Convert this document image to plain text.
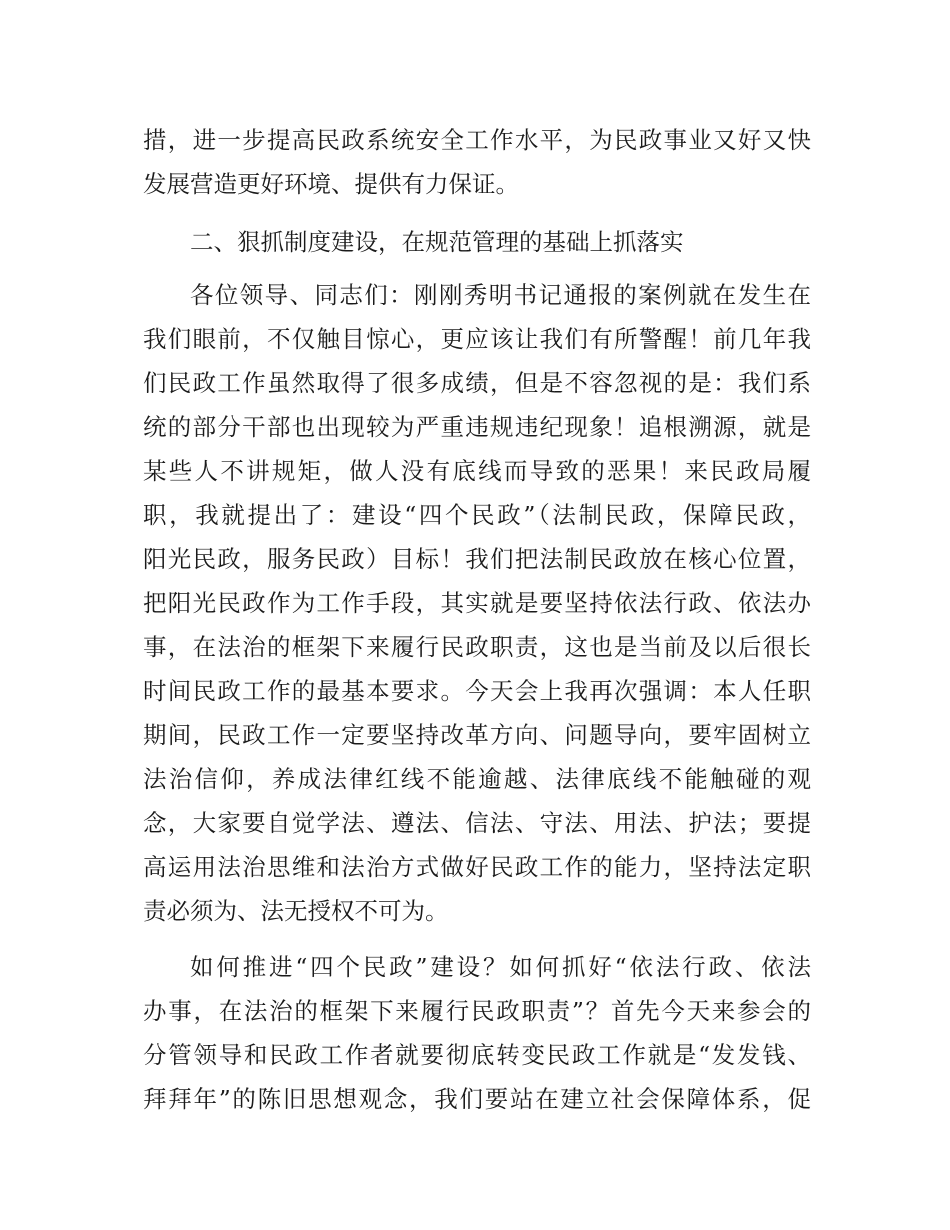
措，进一步提高民政系统安全工作水平，为民政事业又好又快
发展营造更好环境、提供有力保证。
二、狠抓制度建设，在规范管理的基础上抓落实
各位领导、同志们：刚刚秀明书记通报的案例就在发生在
我们眼前，不仅触目惊心，更应该让我们有所警醒！前几年我
们民政工作虽然取得了很多成绩，但是不容忽视的是：我们系
统的部分干部也出现较为严重违规违纪现象！追根溯源，就是
某些人不讲规矩，做人没有底线而导致的恶果！来民政局履
职，我就提出了：建设“四个民政”（法制民政，保障民政，
阳光民政，服务民政）目标！我们把法制民政放在核心位置，
把阳光民政作为工作手段，其实就是要坚持依法行政、依法办
事，在法治的框架下来履行民政职责，这也是当前及以后很长
时间民政工作的最基本要求。今天会上我再次强调：本人任职
期间，民政工作一定要坚持改革方向、问题导向，要牢固树立
法治信仰，养成法律红线不能逾越、法律底线不能触碰的观
念，大家要自觉学法、遵法、信法、守法、用法、护法；要提
高运用法治思维和法治方式做好民政工作的能力，坚持法定职
责必须为、法无授权不可为。
如何推进“四个民政”建设？如何抓好“依法行政、依法
办事，在法治的框架下来履行民政职责”？首先今天来参会的
分管领导和民政工作者就要彻底转变民政工作就是“发发钱、
拜拜年”的陈旧思想观念，我们要站在建立社会保障体系，促
